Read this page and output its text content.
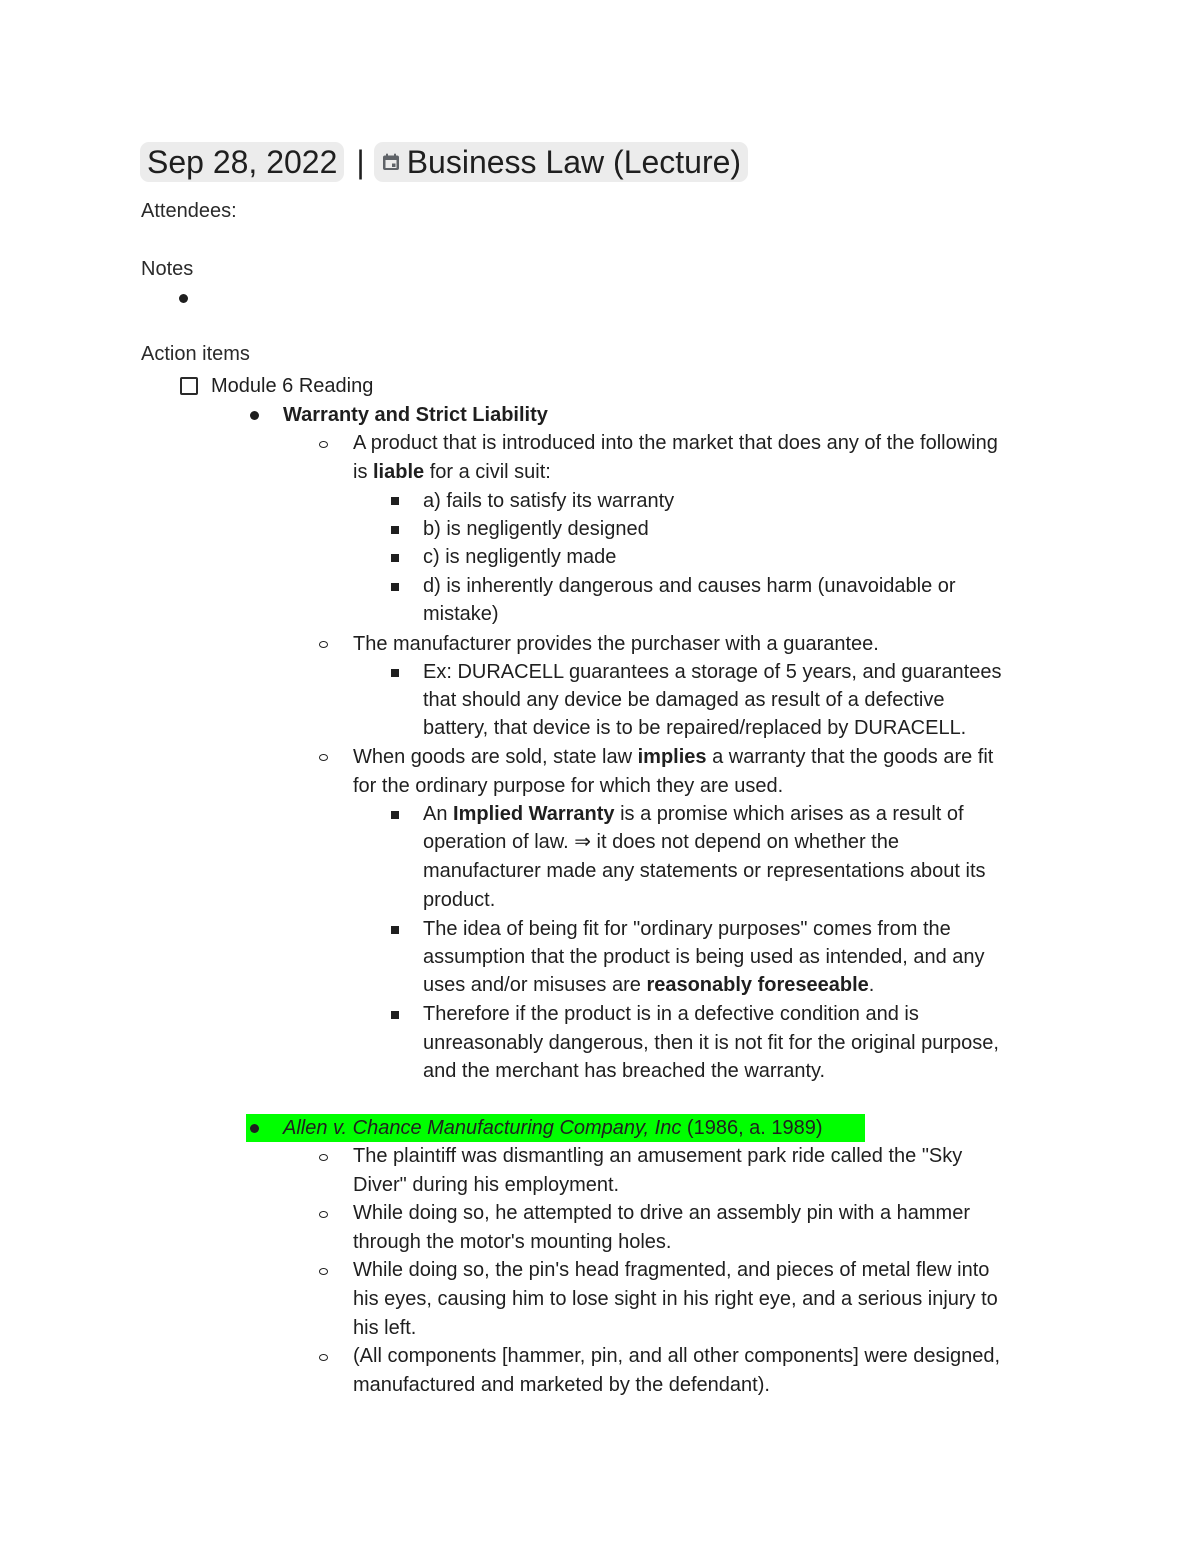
Sep 28, 2022 | Business Law (Lecture)
Attendees:
Notes
Action items
Module 6 Reading
Warranty and Strict Liability
A product that is introduced into the market that does any of the following
is liable for a civil suit:
a) fails to satisfy its warranty
b) is negligently designed
c) is negligently made
d) is inherently dangerous and causes harm (unavoidable or
mistake)
The manufacturer provides the purchaser with a guarantee.
Ex: DURACELL guarantees a storage of 5 years, and guarantees
that should any device be damaged as result of a defective
battery, that device is to be repaired/replaced by DURACELL.
When goods are sold, state law implies a warranty that the goods are fit
for the ordinary purpose for which they are used.
An Implied Warranty is a promise which arises as a result of
operation of law. ⇒ it does not depend on whether the
manufacturer made any statements or representations about its
product.
The idea of being fit for "ordinary purposes" comes from the
assumption that the product is being used as intended, and any
uses and/or misuses are reasonably foreseeable.
Therefore if the product is in a defective condition and is
unreasonably dangerous, then it is not fit for the original purpose,
and the merchant has breached the warranty.
Allen v. Chance Manufacturing Company, Inc (1986, a. 1989)
The plaintiff was dismantling an amusement park ride called the "Sky
Diver" during his employment.
While doing so, he attempted to drive an assembly pin with a hammer
through the motor's mounting holes.
While doing so, the pin's head fragmented, and pieces of metal flew into
his eyes, causing him to lose sight in his right eye, and a serious injury to
his left.
(All components [hammer, pin, and all other components] were designed,
manufactured and marketed by the defendant).
